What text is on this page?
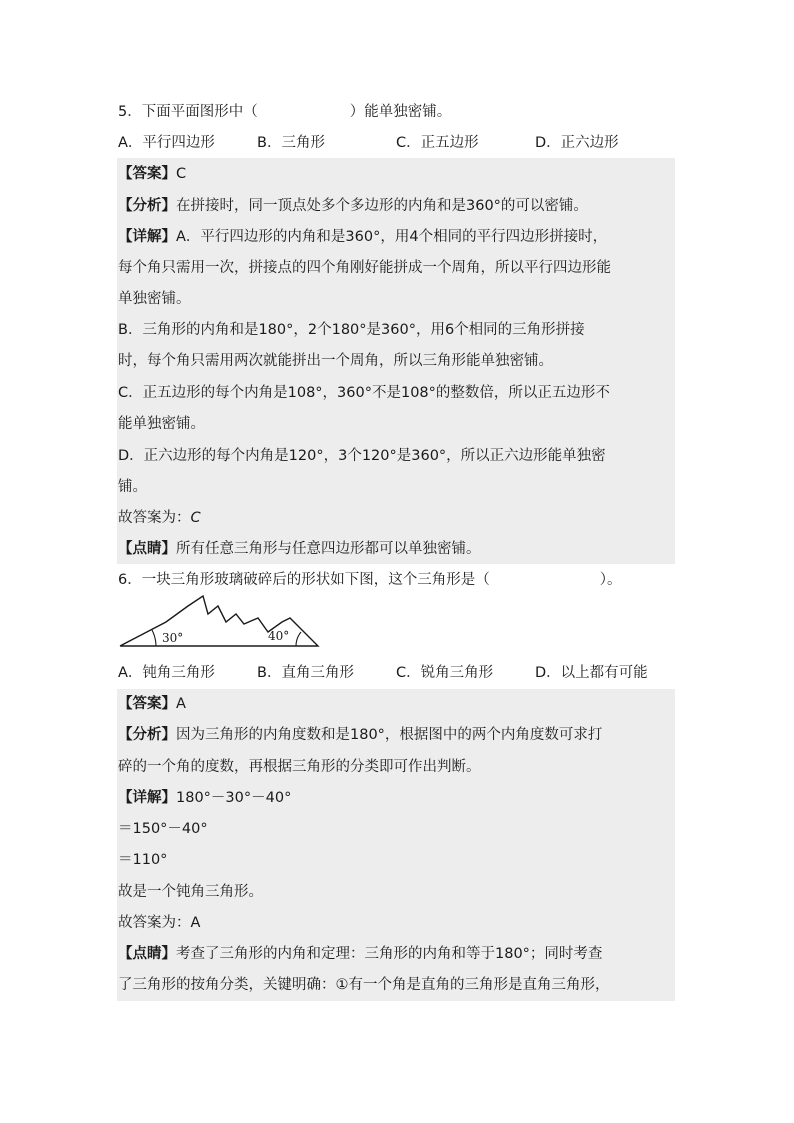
5．下面平面图形中（	）能单独密铺。
A．平行四边形	B．三角形	C．正五边形	D．正六边形
【答案】C
【分析】在拼接时，同一顶点处多个多边形的内角和是360°的可以密铺。
【详解】A．平行四边形的内角和是360°，用4个相同的平行四边形拼接时，
每个角只需用一次，拼接点的四个角刚好能拼成一个周角，所以平行四边形能
单独密铺。
B．三角形的内角和是180°，2个180°是360°，用6个相同的三角形拼接
时，每个角只需用两次就能拼出一个周角，所以三角形能单独密铺。
C．正五边形的每个内角是108°，360°不是108°的整数倍，所以正五边形不
能单独密铺。
D．正六边形的每个内角是120°，3个120°是360°，所以正六边形能单独密
铺。
故答案为：C
【点睛】所有任意三角形与任意四边形都可以单独密铺。
6．一块三角形玻璃破碎后的形状如下图，这个三角形是（	）。
30°	40°
A．钝角三角形	B．直角三角形	C．锐角三角形	D．以上都有可能
【答案】A
【分析】因为三角形的内角度数和是180°，根据图中的两个内角度数可求打
碎的一个角的度数，再根据三角形的分类即可作出判断。
【详解】180°－30°－40°
＝150°－40°
＝110°
故是一个钝角三角形。
故答案为：A
【点睛】考查了三角形的内角和定理：三角形的内角和等于180°；同时考查
了三角形的按角分类，关键明确：①有一个角是直角的三角形是直角三角形，
